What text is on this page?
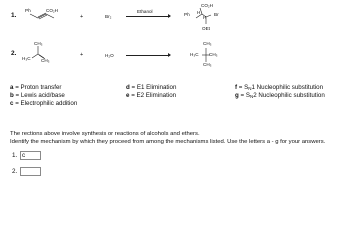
1.
Ph	CO₂H
+	Br₂
Ethanol
CO₂H
Ph H	Br
H
OEt
2.
CH₃
H₃C CH₃
+	H₂O
CH₃
H₃C CH₃
CH₃
a = Proton transfer
b = Lewis acid/base
c = Electrophilic addition
d = E1 Elimination
e = E2 Elimination
$f = S_N1$ Nucleophilic substitution
$g = S_N2$ Nucleophilic substitution
The rections above involve synthesis or reactions of alcohols and ethers.
Identify the mechanism by which they proceed from among the mechanisms listed. Use the letters a - g for your answers.
1.
c
2.
